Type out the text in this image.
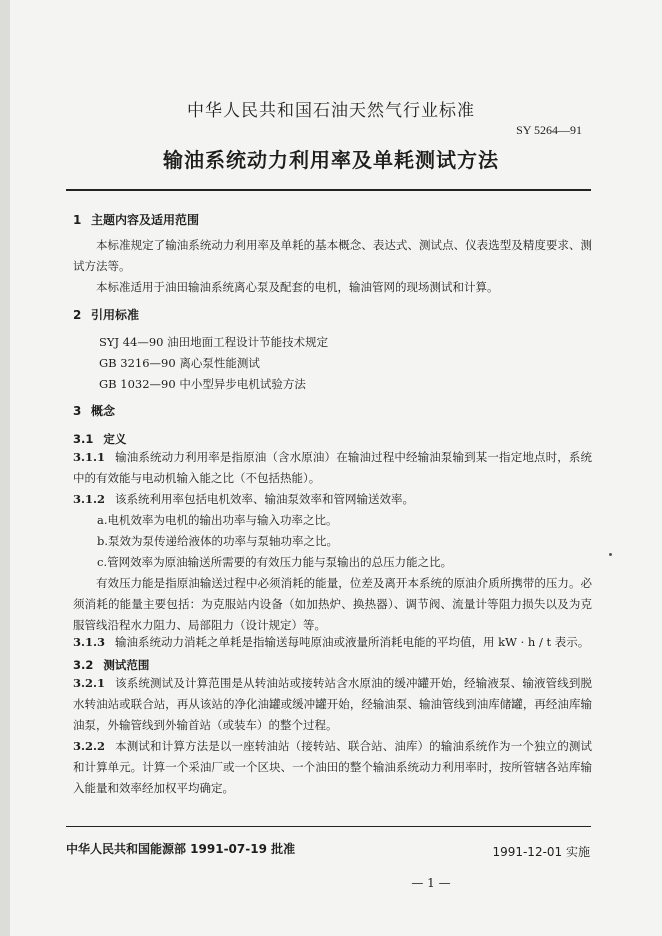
中华人民共和国石油天然气行业标准
SY 5264—91
输油系统动力利用率及单耗测试方法
1 主题内容及适用范围
本标准规定了输油系统动力利用率及单耗的基本概念、表达式、测试点、仪表选型及精度要求、测试方法等。
本标准适用于油田输油系统离心泵及配套的电机，输油管网的现场测试和计算。
2 引用标准
SYJ 44—90 油田地面工程设计节能技术规定
GB 3216—90 离心泵性能测试
GB 1032—90 中小型异步电机试验方法
3 概念
3.1 定义
3.1.1 输油系统动力利用率是指原油（含水原油）在输油过程中经输油泵输到某一指定地点时，系统中的有效能与电动机输入能之比（不包括热能）。
3.1.2 该系统利用率包括电机效率、输油泵效率和管网输送效率。
a.电机效率为电机的输出功率与输入功率之比。
b.泵效为泵传递给液体的功率与泵轴功率之比。
c.管网效率为原油输送所需要的有效压力能与泵输出的总压力能之比。
有效压力能是指原油输送过程中必须消耗的能量，位差及离开本系统的原油介质所携带的压力。必须消耗的能量主要包括：为克服站内设备（如加热炉、换热器）、调节阀、流量计等阻力损失以及为克服管线沿程水力阻力、局部阻力（设计规定）等。
3.1.3 输油系统动力消耗之单耗是指输送每吨原油或液量所消耗电能的平均值，用 kW · h / t 表示。
3.2 测试范围
3.2.1 该系统测试及计算范围是从转油站或接转站含水原油的缓冲罐开始，经输液泵、输液管线到脱水转油站或联合站，再从该站的净化油罐或缓冲罐开始，经输油泵、输油管线到油库储罐，再经油库输油泵，外输管线到外输首站（或装车）的整个过程。
3.2.2 本测试和计算方法是以一座转油站（接转站、联合站、油库）的输油系统作为一个独立的测试和计算单元。计算一个采油厂或一个区块、一个油田的整个输油系统动力利用率时，按所管辖各站库输入能量和效率经加权平均确定。
中华人民共和国能源部 1991-07-19 批准	1991-12-01 实施
— 1 —
